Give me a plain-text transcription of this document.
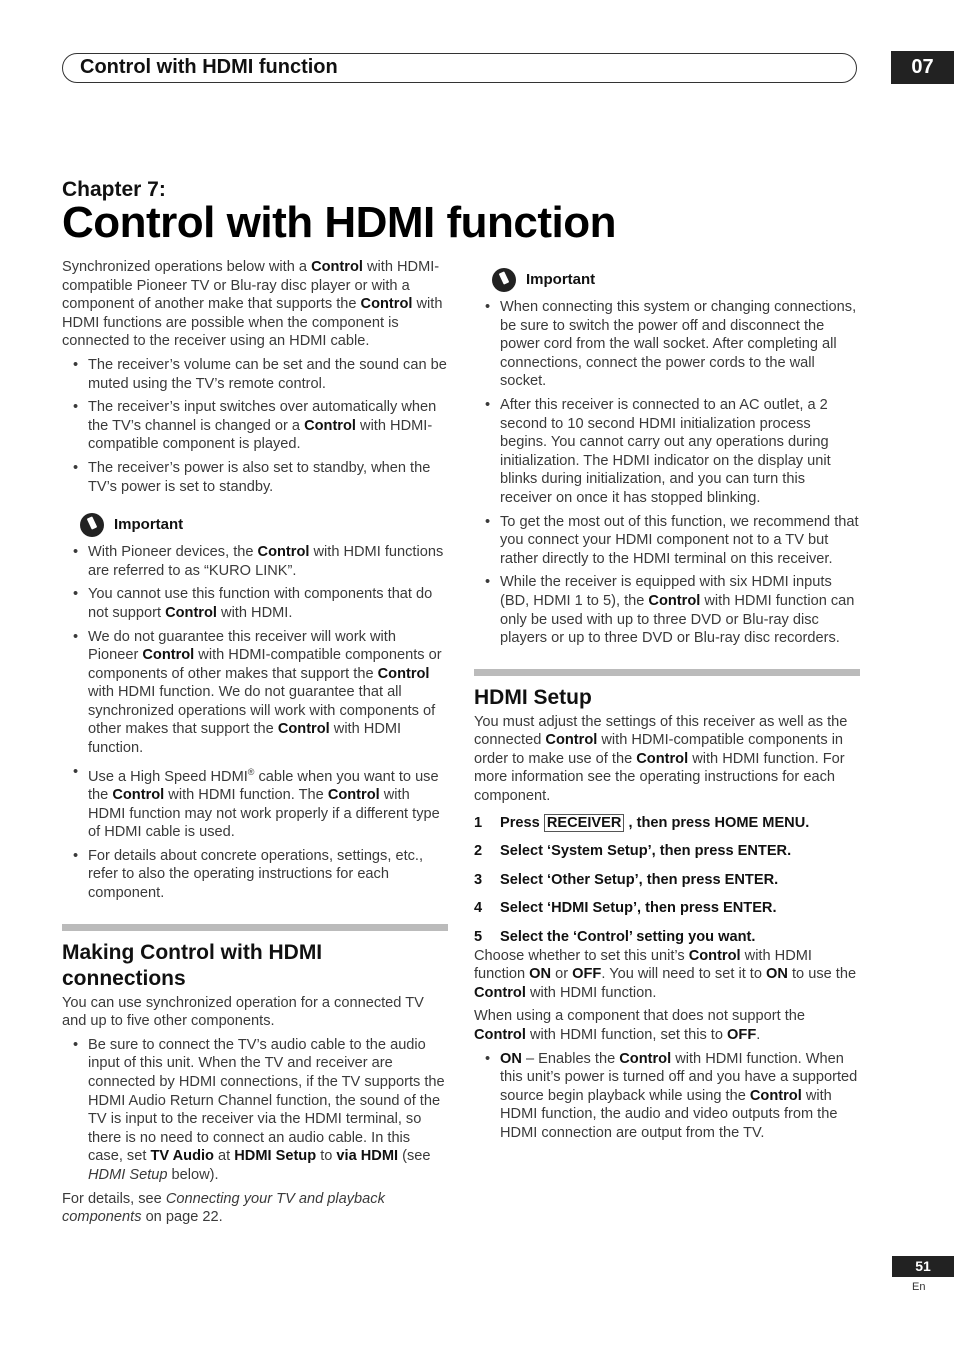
Control with HDMI function	07
Chapter 7:
Control with HDMI function

Synchronized operations below with a Control with HDMI-compatible Pioneer TV or Blu-ray disc player or with a component of another make that supports the Control with HDMI functions are possible when the component is connected to the receiver using an HDMI cable.

• The receiver’s volume can be set and the sound can be muted using the TV’s remote control.
• The receiver’s input switches over automatically when the TV’s channel is changed or a Control with HDMI-compatible component is played.
• The receiver’s power is also set to standby, when the TV’s power is set to standby.
Important
• With Pioneer devices, the Control with HDMI functions are referred to as “KURO LINK”.
• You cannot use this function with components that do not support Control with HDMI.
• We do not guarantee this receiver will work with Pioneer Control with HDMI-compatible components or components of other makes that support the Control with HDMI function. We do not guarantee that all synchronized operations will work with components of other makes that support the Control with HDMI function.
• Use a High Speed HDMI® cable when you want to use the Control with HDMI function. The Control with HDMI function may not work properly if a different type of HDMI cable is used.
• For details about concrete operations, settings, etc., refer to also the operating instructions for each component.
Making Control with HDMI connections

You can use synchronized operation for a connected TV and up to five other components.

• Be sure to connect the TV’s audio cable to the audio input of this unit. When the TV and receiver are connected by HDMI connections, if the TV supports the HDMI Audio Return Channel function, the sound of the TV is input to the receiver via the HDMI terminal, so there is no need to connect an audio cable. In this case, set TV Audio at HDMI Setup to via HDMI (see HDMI Setup below).

For details, see Connecting your TV and playback components on page 22.

Important
• When connecting this system or changing connections, be sure to switch the power off and disconnect the power cord from the wall socket. After completing all connections, connect the power cords to the wall socket.
• After this receiver is connected to an AC outlet, a 2 second to 10 second HDMI initialization process begins. You cannot carry out any operations during initialization. The HDMI indicator on the display unit blinks during initialization, and you can turn this receiver on once it has stopped blinking.
• To get the most out of this function, we recommend that you connect your HDMI component not to a TV but rather directly to the HDMI terminal on this receiver.
• While the receiver is equipped with six HDMI inputs (BD, HDMI 1 to 5), the Control with HDMI function can only be used with up to three DVD or Blu-ray disc players or up to three DVD or Blu-ray disc recorders.
HDMI Setup

You must adjust the settings of this receiver as well as the connected Control with HDMI-compatible components in order to make use of the Control with HDMI function. For more information see the operating instructions for each component.

1	Press RECEIVER , then press HOME MENU.
2	Select ‘System Setup’, then press ENTER.
3	Select ‘Other Setup’, then press ENTER.
4	Select ‘HDMI Setup’, then press ENTER.
5	Select the ‘Control’ setting you want.

Choose whether to set this unit’s Control with HDMI function ON or OFF. You will need to set it to ON to use the Control with HDMI function.

When using a component that does not support the Control with HDMI function, set this to OFF.

• ON – Enables the Control with HDMI function. When this unit’s power is turned off and you have a supported source begin playback while using the Control with HDMI function, the audio and video outputs from the HDMI connection are output from the TV.
51
En
